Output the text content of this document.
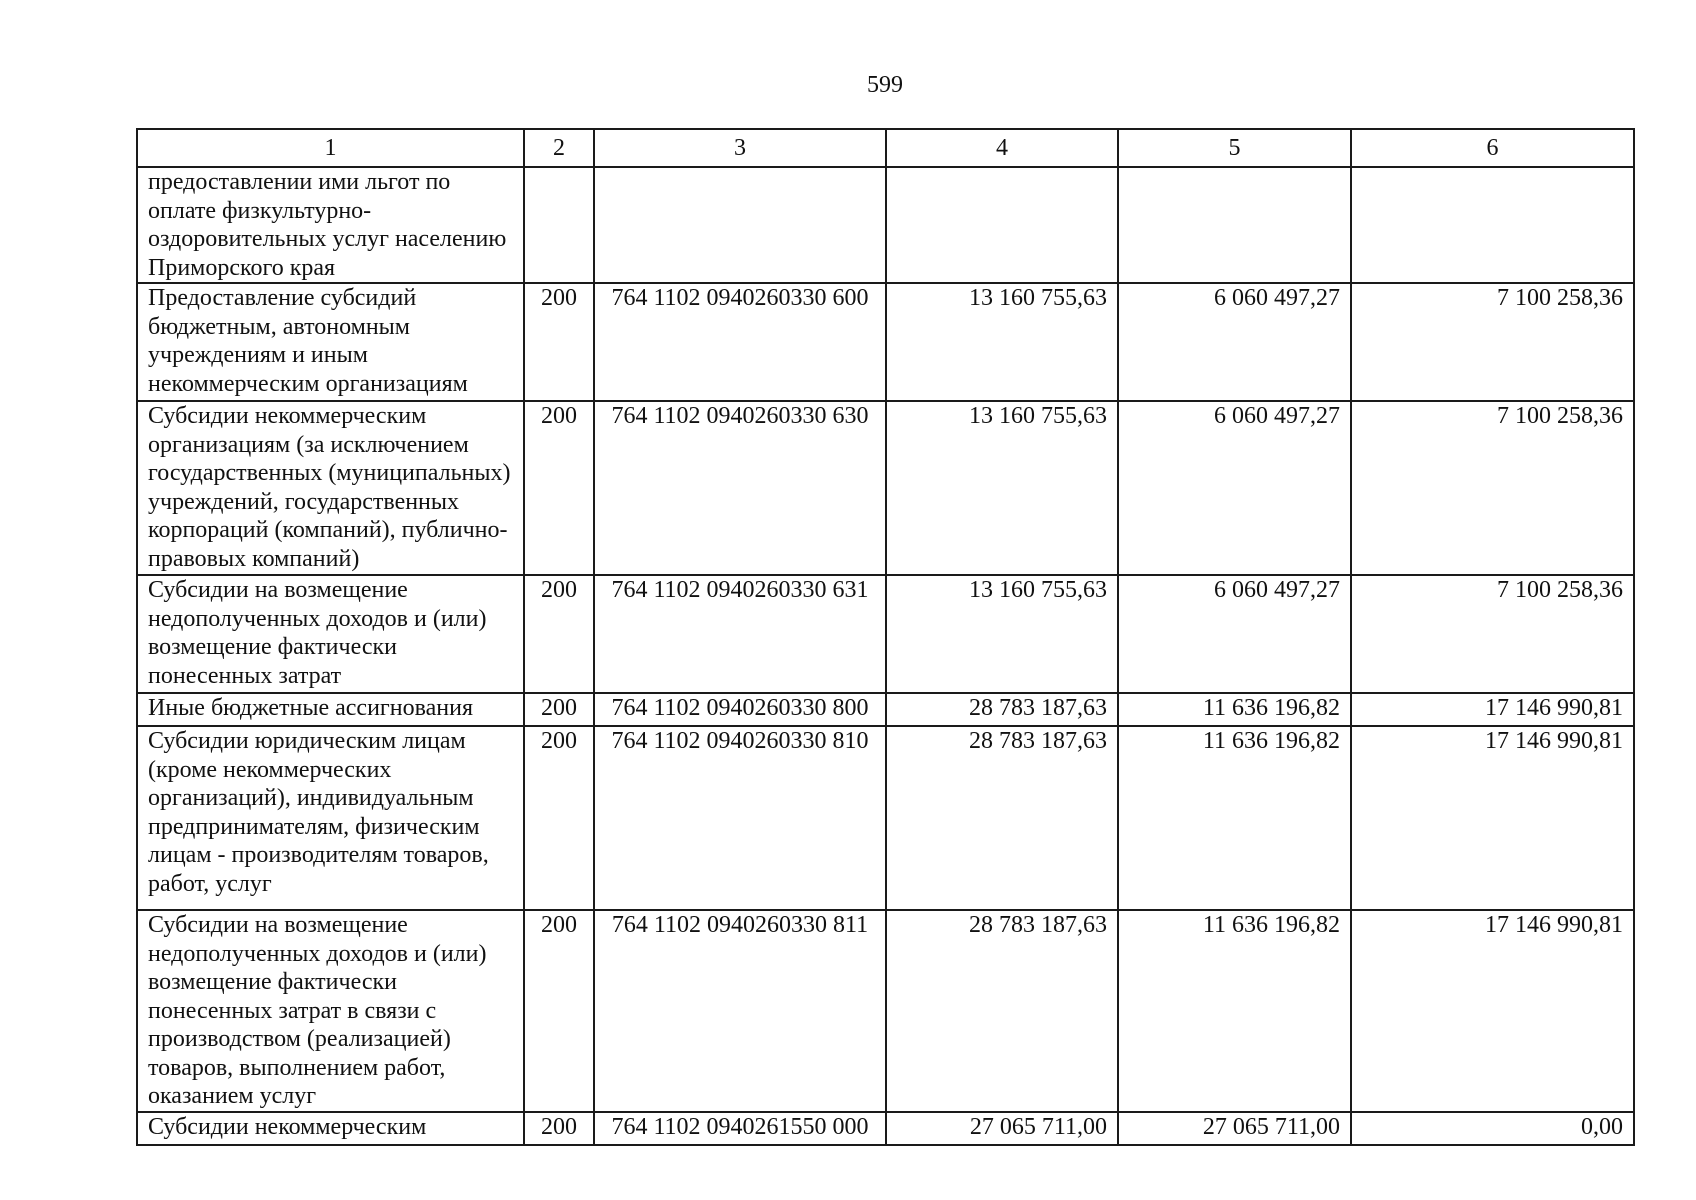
599
1	2	3	4	5	6
предоставлении ими льгот по оплате физкультурно-оздоровительных услуг населению Приморского края					
Предоставление субсидий бюджетным, автономным учреждениям и иным некоммерческим организациям	200	764 1102 0940260330 600	13 160 755,63	6 060 497,27	7 100 258,36
Субсидии некоммерческим организациям (за исключением государственных (муниципальных) учреждений, государственных корпораций (компаний), публично-правовых компаний)	200	764 1102 0940260330 630	13 160 755,63	6 060 497,27	7 100 258,36
Субсидии на возмещение недополученных доходов и (или) возмещение фактически понесенных затрат	200	764 1102 0940260330 631	13 160 755,63	6 060 497,27	7 100 258,36
Иные бюджетные ассигнования	200	764 1102 0940260330 800	28 783 187,63	11 636 196,82	17 146 990,81
Субсидии юридическим лицам (кроме некоммерческих организаций), индивидуальным предпринимателям, физическим лицам - производителям товаров, работ, услуг	200	764 1102 0940260330 810	28 783 187,63	11 636 196,82	17 146 990,81
Субсидии на возмещение недополученных доходов и (или) возмещение фактически понесенных затрат в связи с производством (реализацией) товаров, выполнением работ, оказанием услуг	200	764 1102 0940260330 811	28 783 187,63	11 636 196,82	17 146 990,81
Субсидии некоммерческим	200	764 1102 0940261550 000	27 065 711,00	27 065 711,00	0,00
